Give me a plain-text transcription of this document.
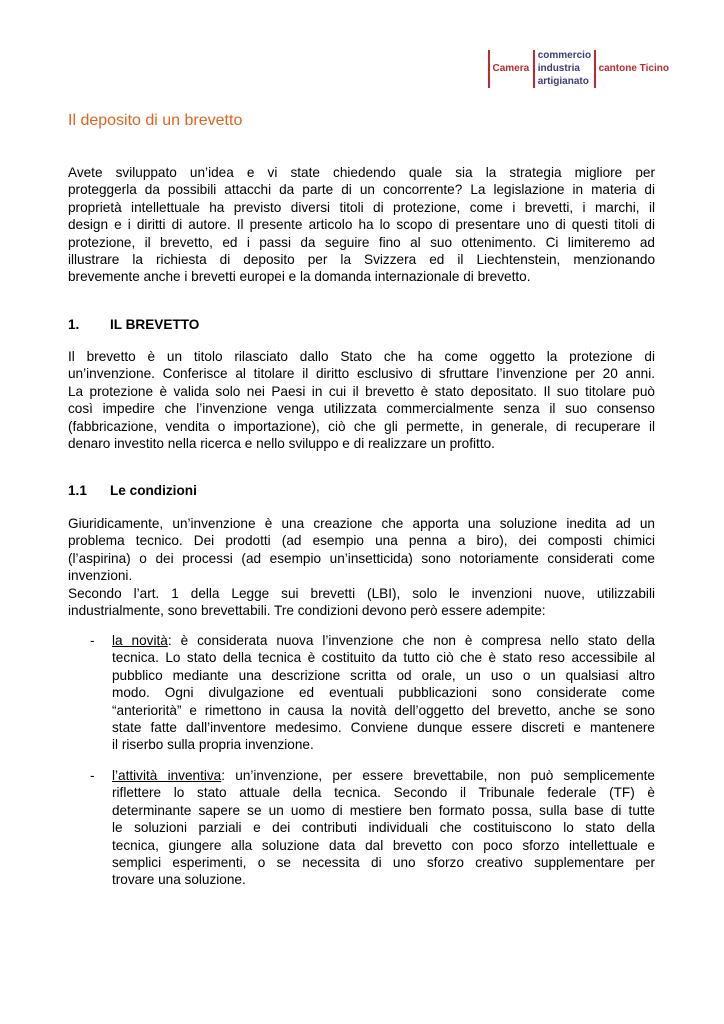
Camera
commercio
industria
artigianato
cantone Ticino
Il deposito di un brevetto
Avete sviluppato un’idea e vi state chiedendo quale sia la strategia migliore per
proteggerla da possibili attacchi da parte di un concorrente? La legislazione in materia di
proprietà intellettuale ha previsto diversi titoli di protezione, come i brevetti, i marchi, il
design e i diritti di autore. Il presente articolo ha lo scopo di presentare uno di questi titoli di
protezione, il brevetto, ed i passi da seguire fino al suo ottenimento. Ci limiteremo ad
illustrare la richiesta di deposito per la Svizzera ed il Liechtenstein, menzionando
brevemente anche i brevetti europei e la domanda internazionale di brevetto.
1.	IL BREVETTO
Il brevetto è un titolo rilasciato dallo Stato che ha come oggetto la protezione di
un’invenzione. Conferisce al titolare il diritto esclusivo di sfruttare l’invenzione per 20 anni.
La protezione è valida solo nei Paesi in cui il brevetto è stato depositato. Il suo titolare può
così impedire che l’invenzione venga utilizzata commercialmente senza il suo consenso
(fabbricazione, vendita o importazione), ciò che gli permette, in generale, di recuperare il
denaro investito nella ricerca e nello sviluppo e di realizzare un profitto.
1.1	Le condizioni
Giuridicamente, un’invenzione è una creazione che apporta una soluzione inedita ad un
problema tecnico. Dei prodotti (ad esempio una penna a biro), dei composti chimici
(l’aspirina) o dei processi (ad esempio un’insetticida) sono notoriamente considerati come
invenzioni.
Secondo l’art. 1 della Legge sui brevetti (LBI), solo le invenzioni nuove, utilizzabili
industrialmente, sono brevettabili. Tre condizioni devono però essere adempite:
- la novità: è considerata nuova l’invenzione che non è compresa nello stato della
tecnica. Lo stato della tecnica è costituito da tutto ciò che è stato reso accessibile al
pubblico mediante una descrizione scritta od orale, un uso o un qualsiasi altro
modo. Ogni divulgazione ed eventuali pubblicazioni sono considerate come
“anteriorità” e rimettono in causa la novità dell’oggetto del brevetto, anche se sono
state fatte dall’inventore medesimo. Conviene dunque essere discreti e mantenere
il riserbo sulla propria invenzione.
- l’attività inventiva: un’invenzione, per essere brevettabile, non può semplicemente
riflettere lo stato attuale della tecnica. Secondo il Tribunale federale (TF) è
determinante sapere se un uomo di mestiere ben formato possa, sulla base di tutte
le soluzioni parziali e dei contributi individuali che costituiscono lo stato della
tecnica, giungere alla soluzione data dal brevetto con poco sforzo intellettuale e
semplici esperimenti, o se necessita di uno sforzo creativo supplementare per
trovare una soluzione.
